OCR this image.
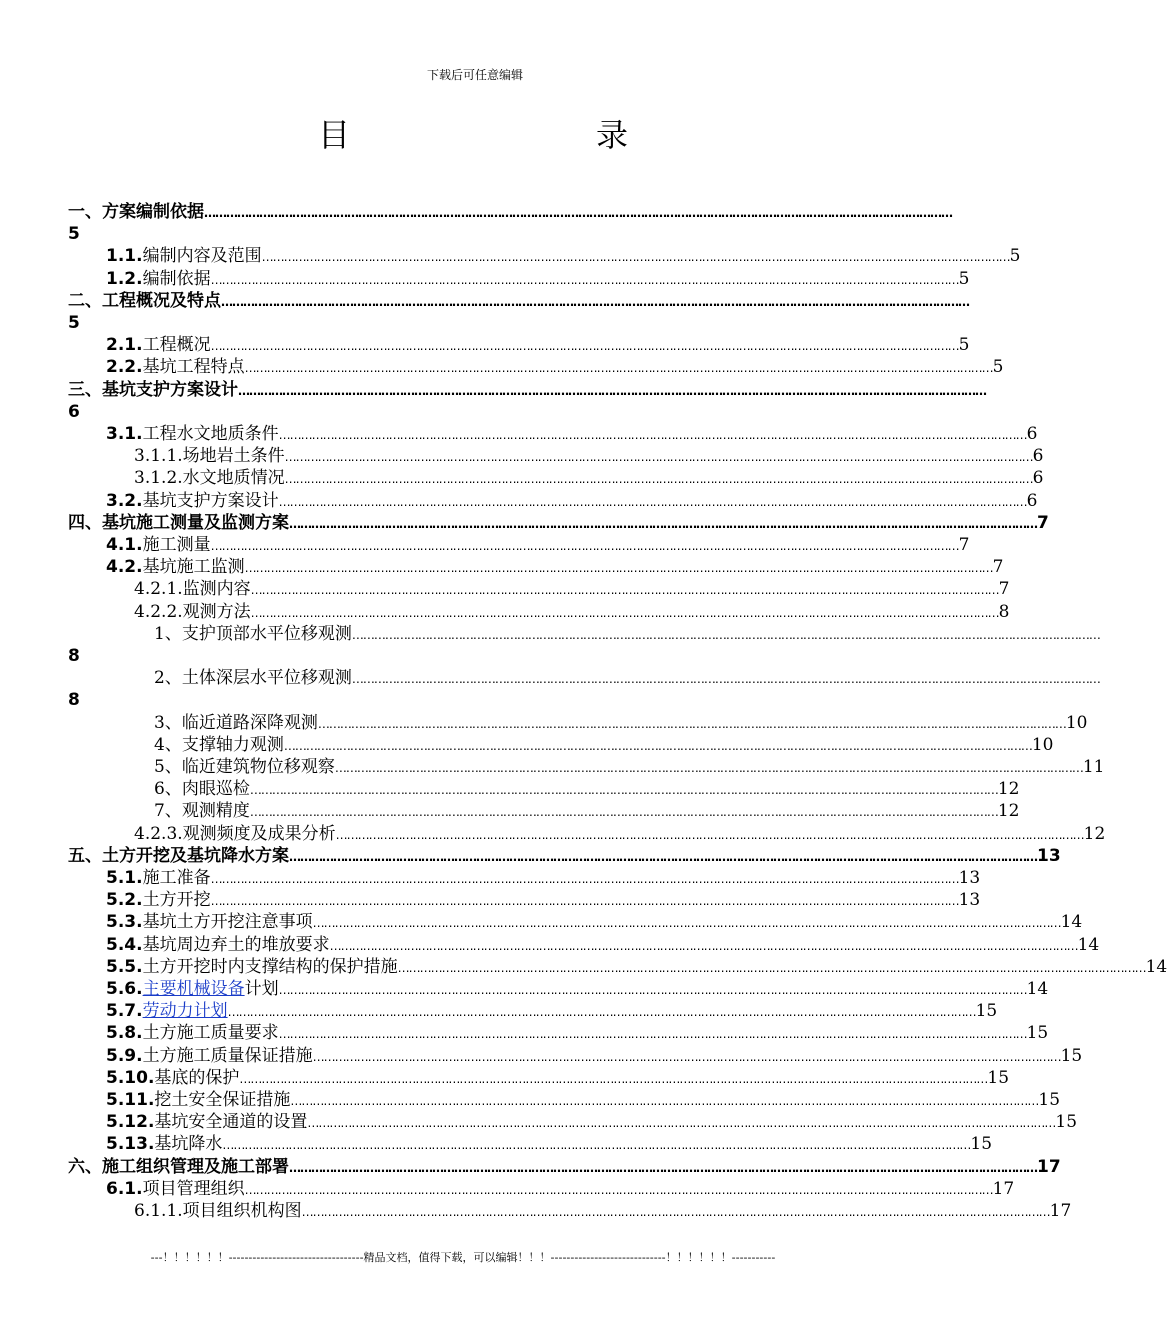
下载后可任意编辑
目	录
一、方案编制依据 ……………………………………………………………………………………………………………………………………………………………………………………
5
1.1.编制内容及范围 …………………………………………………………………………………………………………………………………………………………………………………… 5
1.2.编制依据 …………………………………………………………………………………………………………………………………………………………………………………… 5
二、工程概况及特点 ……………………………………………………………………………………………………………………………………………………………………………………
5
2.1.工程概况 …………………………………………………………………………………………………………………………………………………………………………………… 5
2.2.基坑工程特点 …………………………………………………………………………………………………………………………………………………………………………………… 5
三、基坑支护方案设计 ……………………………………………………………………………………………………………………………………………………………………………………
6
3.1.工程水文地质条件 …………………………………………………………………………………………………………………………………………………………………………………… 6
3.1.1.场地岩土条件 …………………………………………………………………………………………………………………………………………………………………………………… 6
3.1.2.水文地质情况 …………………………………………………………………………………………………………………………………………………………………………………… 6
3.2.基坑支护方案设计 …………………………………………………………………………………………………………………………………………………………………………………… 6
四、基坑施工测量及监测方案 …………………………………………………………………………………………………………………………………………………………………………………… 7
4.1.施工测量 …………………………………………………………………………………………………………………………………………………………………………………… 7
4.2.基坑施工监测 …………………………………………………………………………………………………………………………………………………………………………………… 7
4.2.1.监测内容 …………………………………………………………………………………………………………………………………………………………………………………… 7
4.2.2.观测方法 …………………………………………………………………………………………………………………………………………………………………………………… 8
1、支护顶部水平位移观测 ……………………………………………………………………………………………………………………………………………………………………………………
8
2、土体深层水平位移观测 ……………………………………………………………………………………………………………………………………………………………………………………
8
3、临近道路深降观测 …………………………………………………………………………………………………………………………………………………………………………………… 10
4、支撑轴力观测 …………………………………………………………………………………………………………………………………………………………………………………… 10
5、临近建筑物位移观察 …………………………………………………………………………………………………………………………………………………………………………………… 11
6、肉眼巡检 …………………………………………………………………………………………………………………………………………………………………………………… 12
7、观测精度 …………………………………………………………………………………………………………………………………………………………………………………… 12
4.2.3.观测频度及成果分析 …………………………………………………………………………………………………………………………………………………………………………………… 12
五、土方开挖及基坑降水方案 …………………………………………………………………………………………………………………………………………………………………………………… 13
5.1.施工准备 …………………………………………………………………………………………………………………………………………………………………………………… 13
5.2.土方开挖 …………………………………………………………………………………………………………………………………………………………………………………… 13
5.3.基坑土方开挖注意事项 …………………………………………………………………………………………………………………………………………………………………………………… 14
5.4.基坑周边弃土的堆放要求 …………………………………………………………………………………………………………………………………………………………………………………… 14
5.5.土方开挖时内支撑结构的保护措施 …………………………………………………………………………………………………………………………………………………………………………………… 14
5.6.主要机械设备计划 …………………………………………………………………………………………………………………………………………………………………………………… 14
5.7.劳动力计划 …………………………………………………………………………………………………………………………………………………………………………………… 15
5.8.土方施工质量要求 …………………………………………………………………………………………………………………………………………………………………………………… 15
5.9.土方施工质量保证措施 …………………………………………………………………………………………………………………………………………………………………………………… 15
5.10.基底的保护 …………………………………………………………………………………………………………………………………………………………………………………… 15
5.11.挖土安全保证措施 …………………………………………………………………………………………………………………………………………………………………………………… 15
5.12.基坑安全通道的设置 …………………………………………………………………………………………………………………………………………………………………………………… 15
5.13.基坑降水 …………………………………………………………………………………………………………………………………………………………………………………… 15
六、施工组织管理及施工部署 …………………………………………………………………………………………………………………………………………………………………………………… 17
6.1.项目管理组织 …………………………………………………………………………………………………………………………………………………………………………………… 17
6.1.1.项目组织机构图 …………………………………………………………………………………………………………………………………………………………………………………… 17
---！！！！！！----------------------------------精品文档，值得下载，可以编辑！！！-----------------------------！！！！！！-----------
